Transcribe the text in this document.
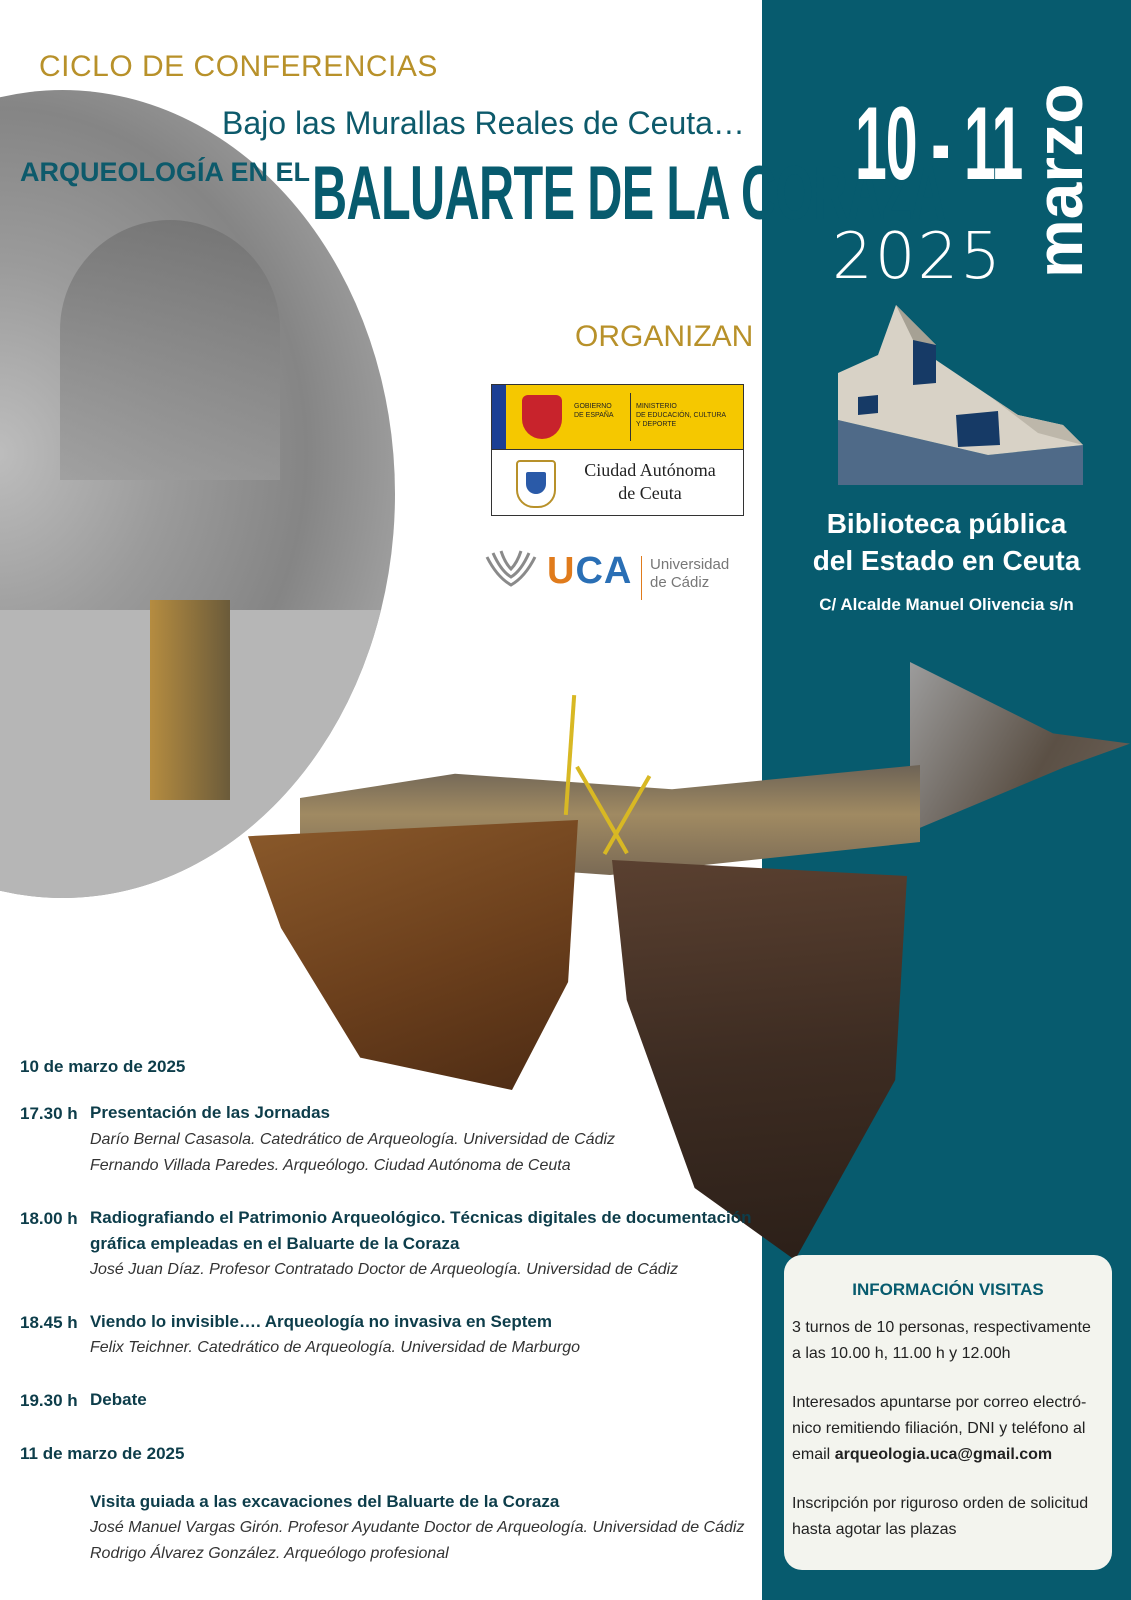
CICLO DE CONFERENCIAS
Bajo las Murallas Reales de Ceuta…
ARQUEOLOGÍA EN EL BALUARTE DE LA CORAZA
ORGANIZAN
GOBIERNO
DE ESPAÑA
MINISTERIO
DE EDUCACIÓN, CULTURA
Y DEPORTE
Ciudad Autónoma
de Ceuta
UCA Universidad
de Cádiz
10 - 11 marzo
2025
Biblioteca pública
del Estado en Ceuta
C/ Alcalde Manuel Olivencia s/n
10 de marzo de 2025
17.30 h Presentación de las Jornadas
Darío Bernal Casasola. Catedrático de Arqueología. Universidad de Cádiz
Fernando Villada Paredes. Arqueólogo. Ciudad Autónoma de Ceuta
18.00 h Radiografiando el Patrimonio Arqueológico. Técnicas digitales de documentación
gráfica empleadas en el Baluarte de la Coraza
José Juan Díaz. Profesor Contratado Doctor de Arqueología. Universidad de Cádiz
18.45 h Viendo lo invisible…. Arqueología no invasiva en Septem
Felix Teichner. Catedrático de Arqueología. Universidad de Marburgo
19.30 h Debate
11 de marzo de 2025
Visita guiada a las excavaciones del Baluarte de la Coraza
José Manuel Vargas Girón. Profesor Ayudante Doctor de Arqueología. Universidad de Cádiz
Rodrigo Álvarez González. Arqueólogo profesional
INFORMACIÓN VISITAS
3 turnos de 10 personas, respectivamente
a las 10.00 h, 11.00 h y 12.00h
Interesados apuntarse por correo electró-
nico remitiendo filiación, DNI y teléfono al
email arqueologia.uca@gmail.com
Inscripción por riguroso orden de solicitud
hasta agotar las plazas
